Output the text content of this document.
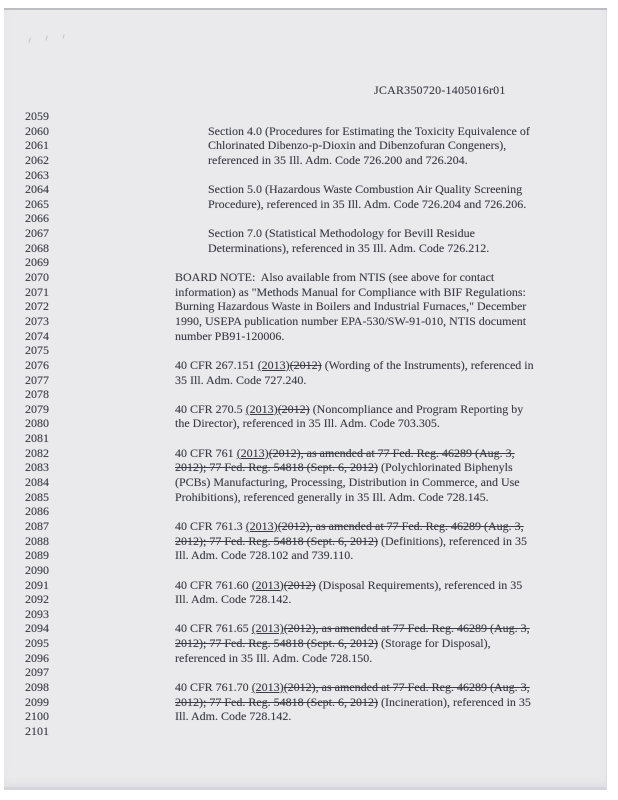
JCAR350720-1405016r01
2059
2060	Section 4.0 (Procedures for Estimating the Toxicity Equivalence of
2061	Chlorinated Dibenzo-p-Dioxin and Dibenzofuran Congeners),
2062	referenced in 35 Ill. Adm. Code 726.200 and 726.204.
2063
2064	Section 5.0 (Hazardous Waste Combustion Air Quality Screening
2065	Procedure), referenced in 35 Ill. Adm. Code 726.204 and 726.206.
2066
2067	Section 7.0 (Statistical Methodology for Bevill Residue
2068	Determinations), referenced in 35 Ill. Adm. Code 726.212.
2069
2070	BOARD NOTE:  Also available from NTIS (see above for contact
2071	information) as "Methods Manual for Compliance with BIF Regulations:
2072	Burning Hazardous Waste in Boilers and Industrial Furnaces," December
2073	1990, USEPA publication number EPA-530/SW-91-010, NTIS document
2074	number PB91-120006.
2075
2076	40 CFR 267.151 (2013)(2012) (Wording of the Instruments), referenced in
2077	35 Ill. Adm. Code 727.240.
2078
2079	40 CFR 270.5 (2013)(2012) (Noncompliance and Program Reporting by
2080	the Director), referenced in 35 Ill. Adm. Code 703.305.
2081
2082	40 CFR 761 (2013)(2012), as amended at 77 Fed. Reg. 46289 (Aug. 3,
2083	2012); 77 Fed. Reg. 54818 (Sept. 6, 2012) (Polychlorinated Biphenyls
2084	(PCBs) Manufacturing, Processing, Distribution in Commerce, and Use
2085	Prohibitions), referenced generally in 35 Ill. Adm. Code 728.145.
2086
2087	40 CFR 761.3 (2013)(2012), as amended at 77 Fed. Reg. 46289 (Aug. 3,
2088	2012); 77 Fed. Reg. 54818 (Sept. 6, 2012) (Definitions), referenced in 35
2089	Ill. Adm. Code 728.102 and 739.110.
2090
2091	40 CFR 761.60 (2013)(2012) (Disposal Requirements), referenced in 35
2092	Ill. Adm. Code 728.142.
2093
2094	40 CFR 761.65 (2013)(2012), as amended at 77 Fed. Reg. 46289 (Aug. 3,
2095	2012); 77 Fed. Reg. 54818 (Sept. 6, 2012) (Storage for Disposal),
2096	referenced in 35 Ill. Adm. Code 728.150.
2097
2098	40 CFR 761.70 (2013)(2012), as amended at 77 Fed. Reg. 46289 (Aug. 3,
2099	2012); 77 Fed. Reg. 54818 (Sept. 6, 2012) (Incineration), referenced in 35
2100	Ill. Adm. Code 728.142.
2101
